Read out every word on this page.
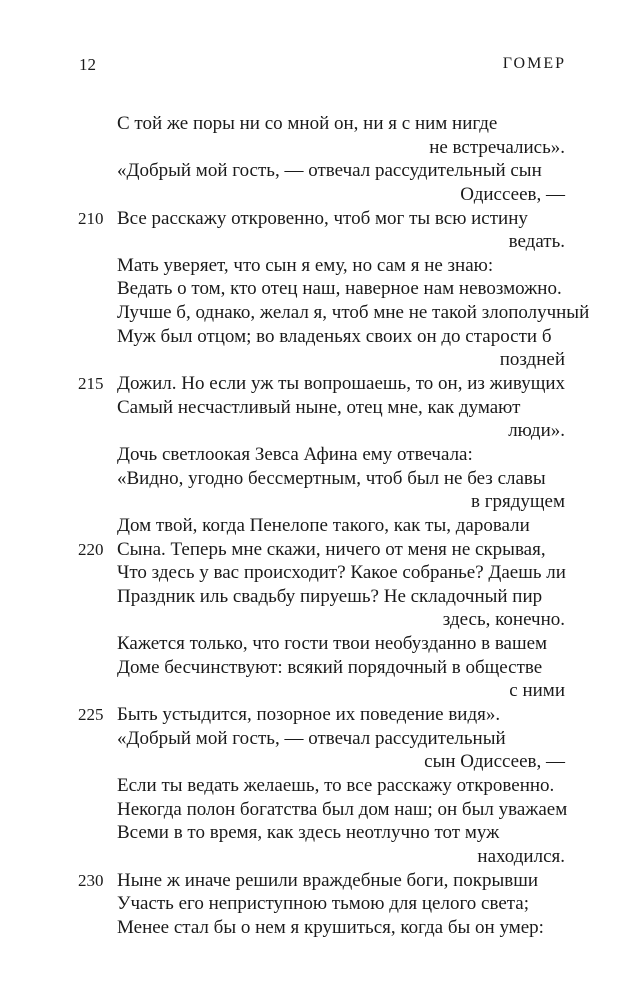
12	ГОМЕР
С той же поры ни со мной он, ни я с ним нигде
не встречались».
«Добрый мой гость, — отвечал рассудительный сын
Одиссеев, —
210 Все расскажу откровенно, чтоб мог ты всю истину
ведать.
Мать уверяет, что сын я ему, но сам я не знаю:
Ведать о том, кто отец наш, наверное нам невозможно.
Лучше б, однако, желал я, чтоб мне не такой злополучный
Муж был отцом; во владеньях своих он до старости б
поздней
215 Дожил. Но если уж ты вопрошаешь, то он, из живущих
Самый несчастливый ныне, отец мне, как думают
люди».
Дочь светлоокая Зевса Афина ему отвечала:
«Видно, угодно бессмертным, чтоб был не без славы
в грядущем
Дом твой, когда Пенелопе такого, как ты, даровали
220 Сына. Теперь мне скажи, ничего от меня не скрывая,
Что здесь у вас происходит? Какое собранье? Даешь ли
Праздник иль свадьбу пируешь? Не складочный пир
здесь, конечно.
Кажется только, что гости твои необузданно в вашем
Доме бесчинствуют: всякий порядочный в обществе
с ними
225 Быть устыдится, позорное их поведение видя».
«Добрый мой гость, — отвечал рассудительный
сын Одиссеев, —
Если ты ведать желаешь, то все расскажу откровенно.
Некогда полон богатства был дом наш; он был уважаем
Всеми в то время, как здесь неотлучно тот муж
находился.
230 Ныне ж иначе решили враждебные боги, покрывши
Участь его неприступною тьмою для целого света;
Менее стал бы о нем я крушиться, когда бы он умер:
